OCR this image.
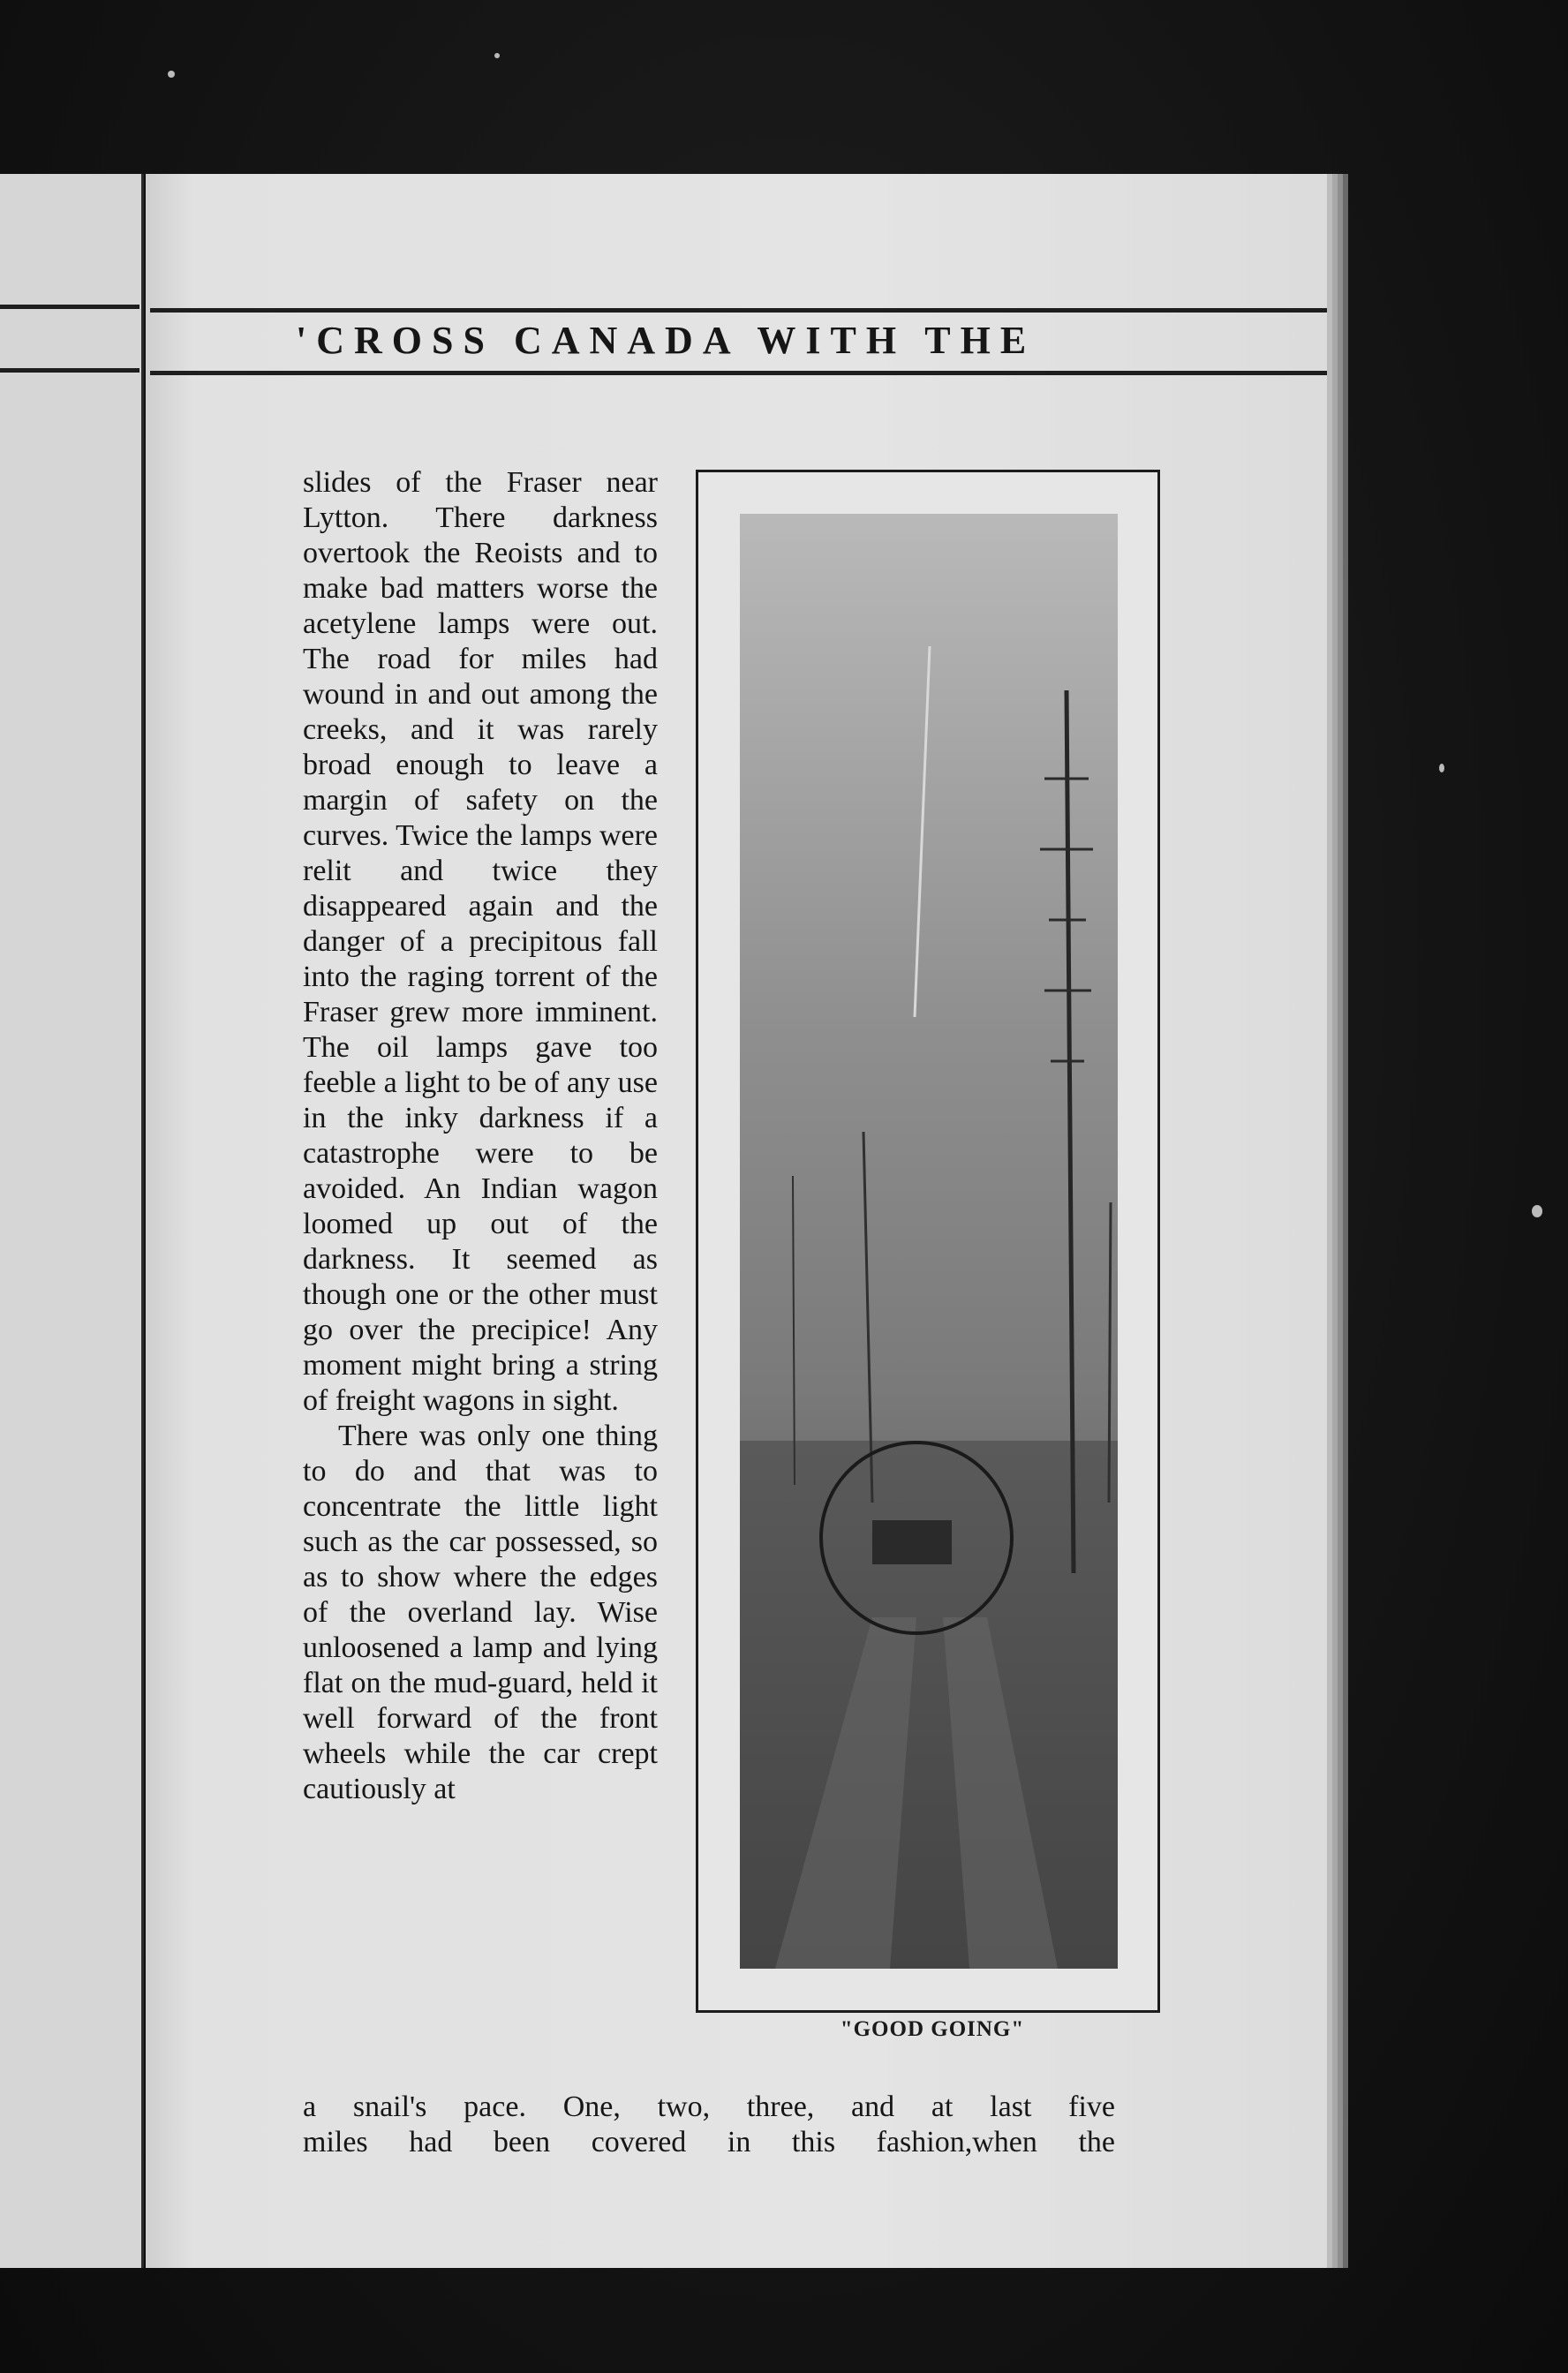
'CROSS CANADA WITH THE

slides of the Fraser near Lytton. There darkness overtook the Reoists and to make bad matters worse the acetylene lamps were out. The road for miles had wound in and out among the creeks, and it was rarely broad enough to leave a margin of safety on the curves. Twice the lamps were relit and twice they disappeared again and the danger of a precipitous fall into the raging torrent of the Fraser grew more imminent. The oil lamps gave too feeble a light to be of any use in the inky darkness if a catastrophe were to be avoided. An Indian wagon loomed up out of the darkness. It seemed as though one or the other must go over the precipice! Any moment might bring a string of freight wagons in sight.

There was only one thing to do and that was to concentrate the little light such as the car possessed, so as to show where the edges of the overland lay. Wise unloosened a lamp and lying flat on the mud-guard, held it well forward of the front wheels while the car crept cautiously at

"GOOD GOING"
a snail's pace. One, two, three, and at last five
miles had been covered in this fashion,when the
